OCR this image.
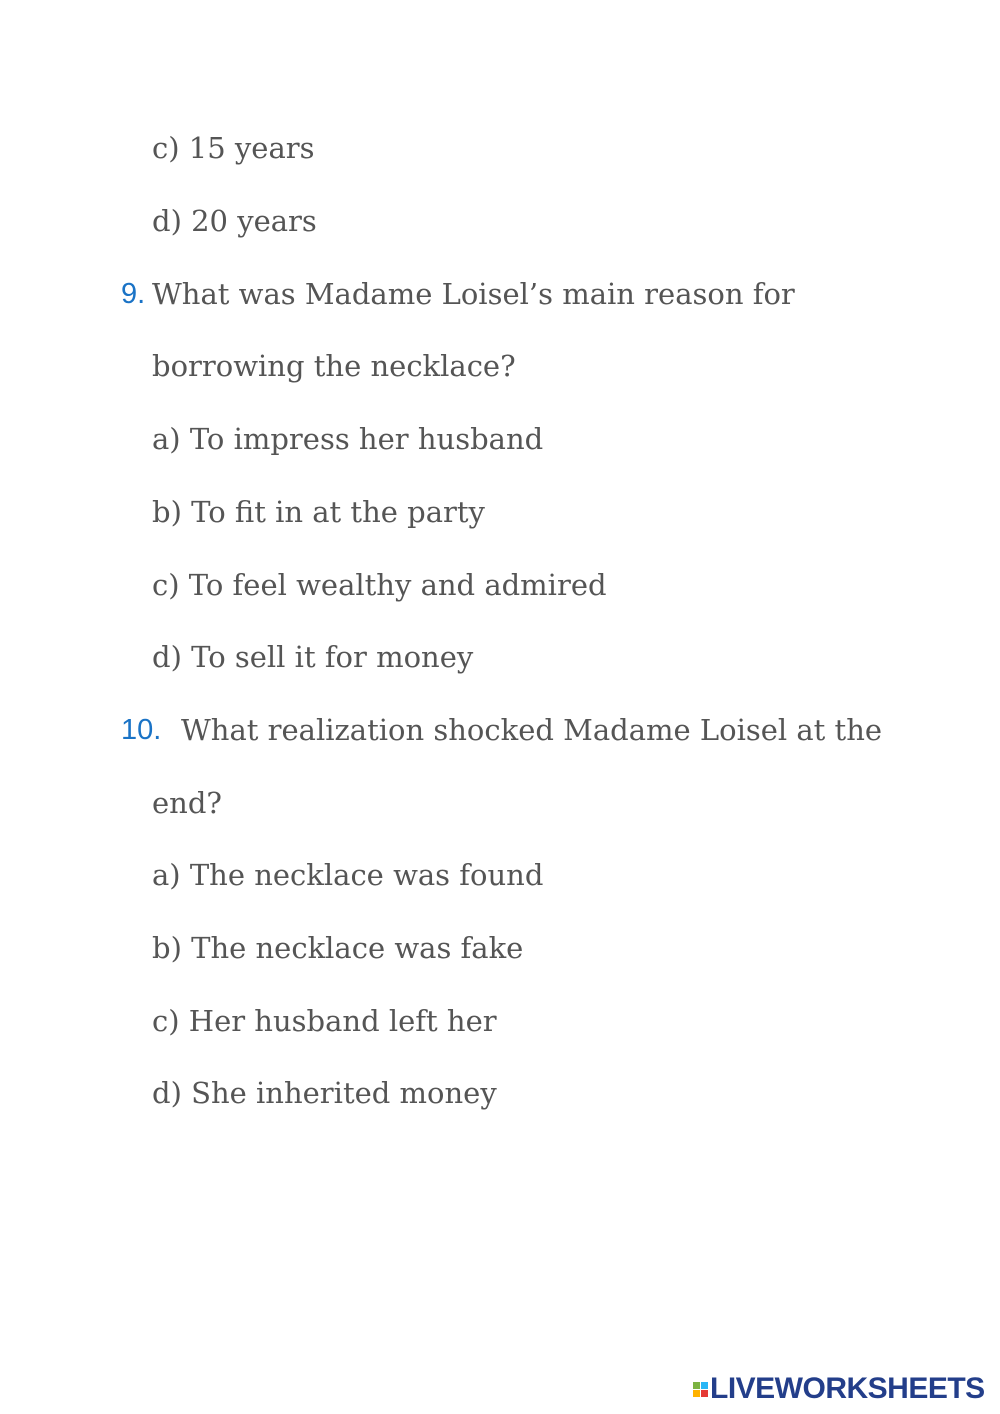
c) 15 years
d) 20 years
9. What was Madame Loisel’s main reason for
borrowing the necklace?
a) To impress her husband
b) To fit in at the party
c) To feel wealthy and admired
d) To sell it for money
10. What realization shocked Madame Loisel at the
end?
a) The necklace was found
b) The necklace was fake
c) Her husband left her
d) She inherited money
LIVEWORKSHEETS
